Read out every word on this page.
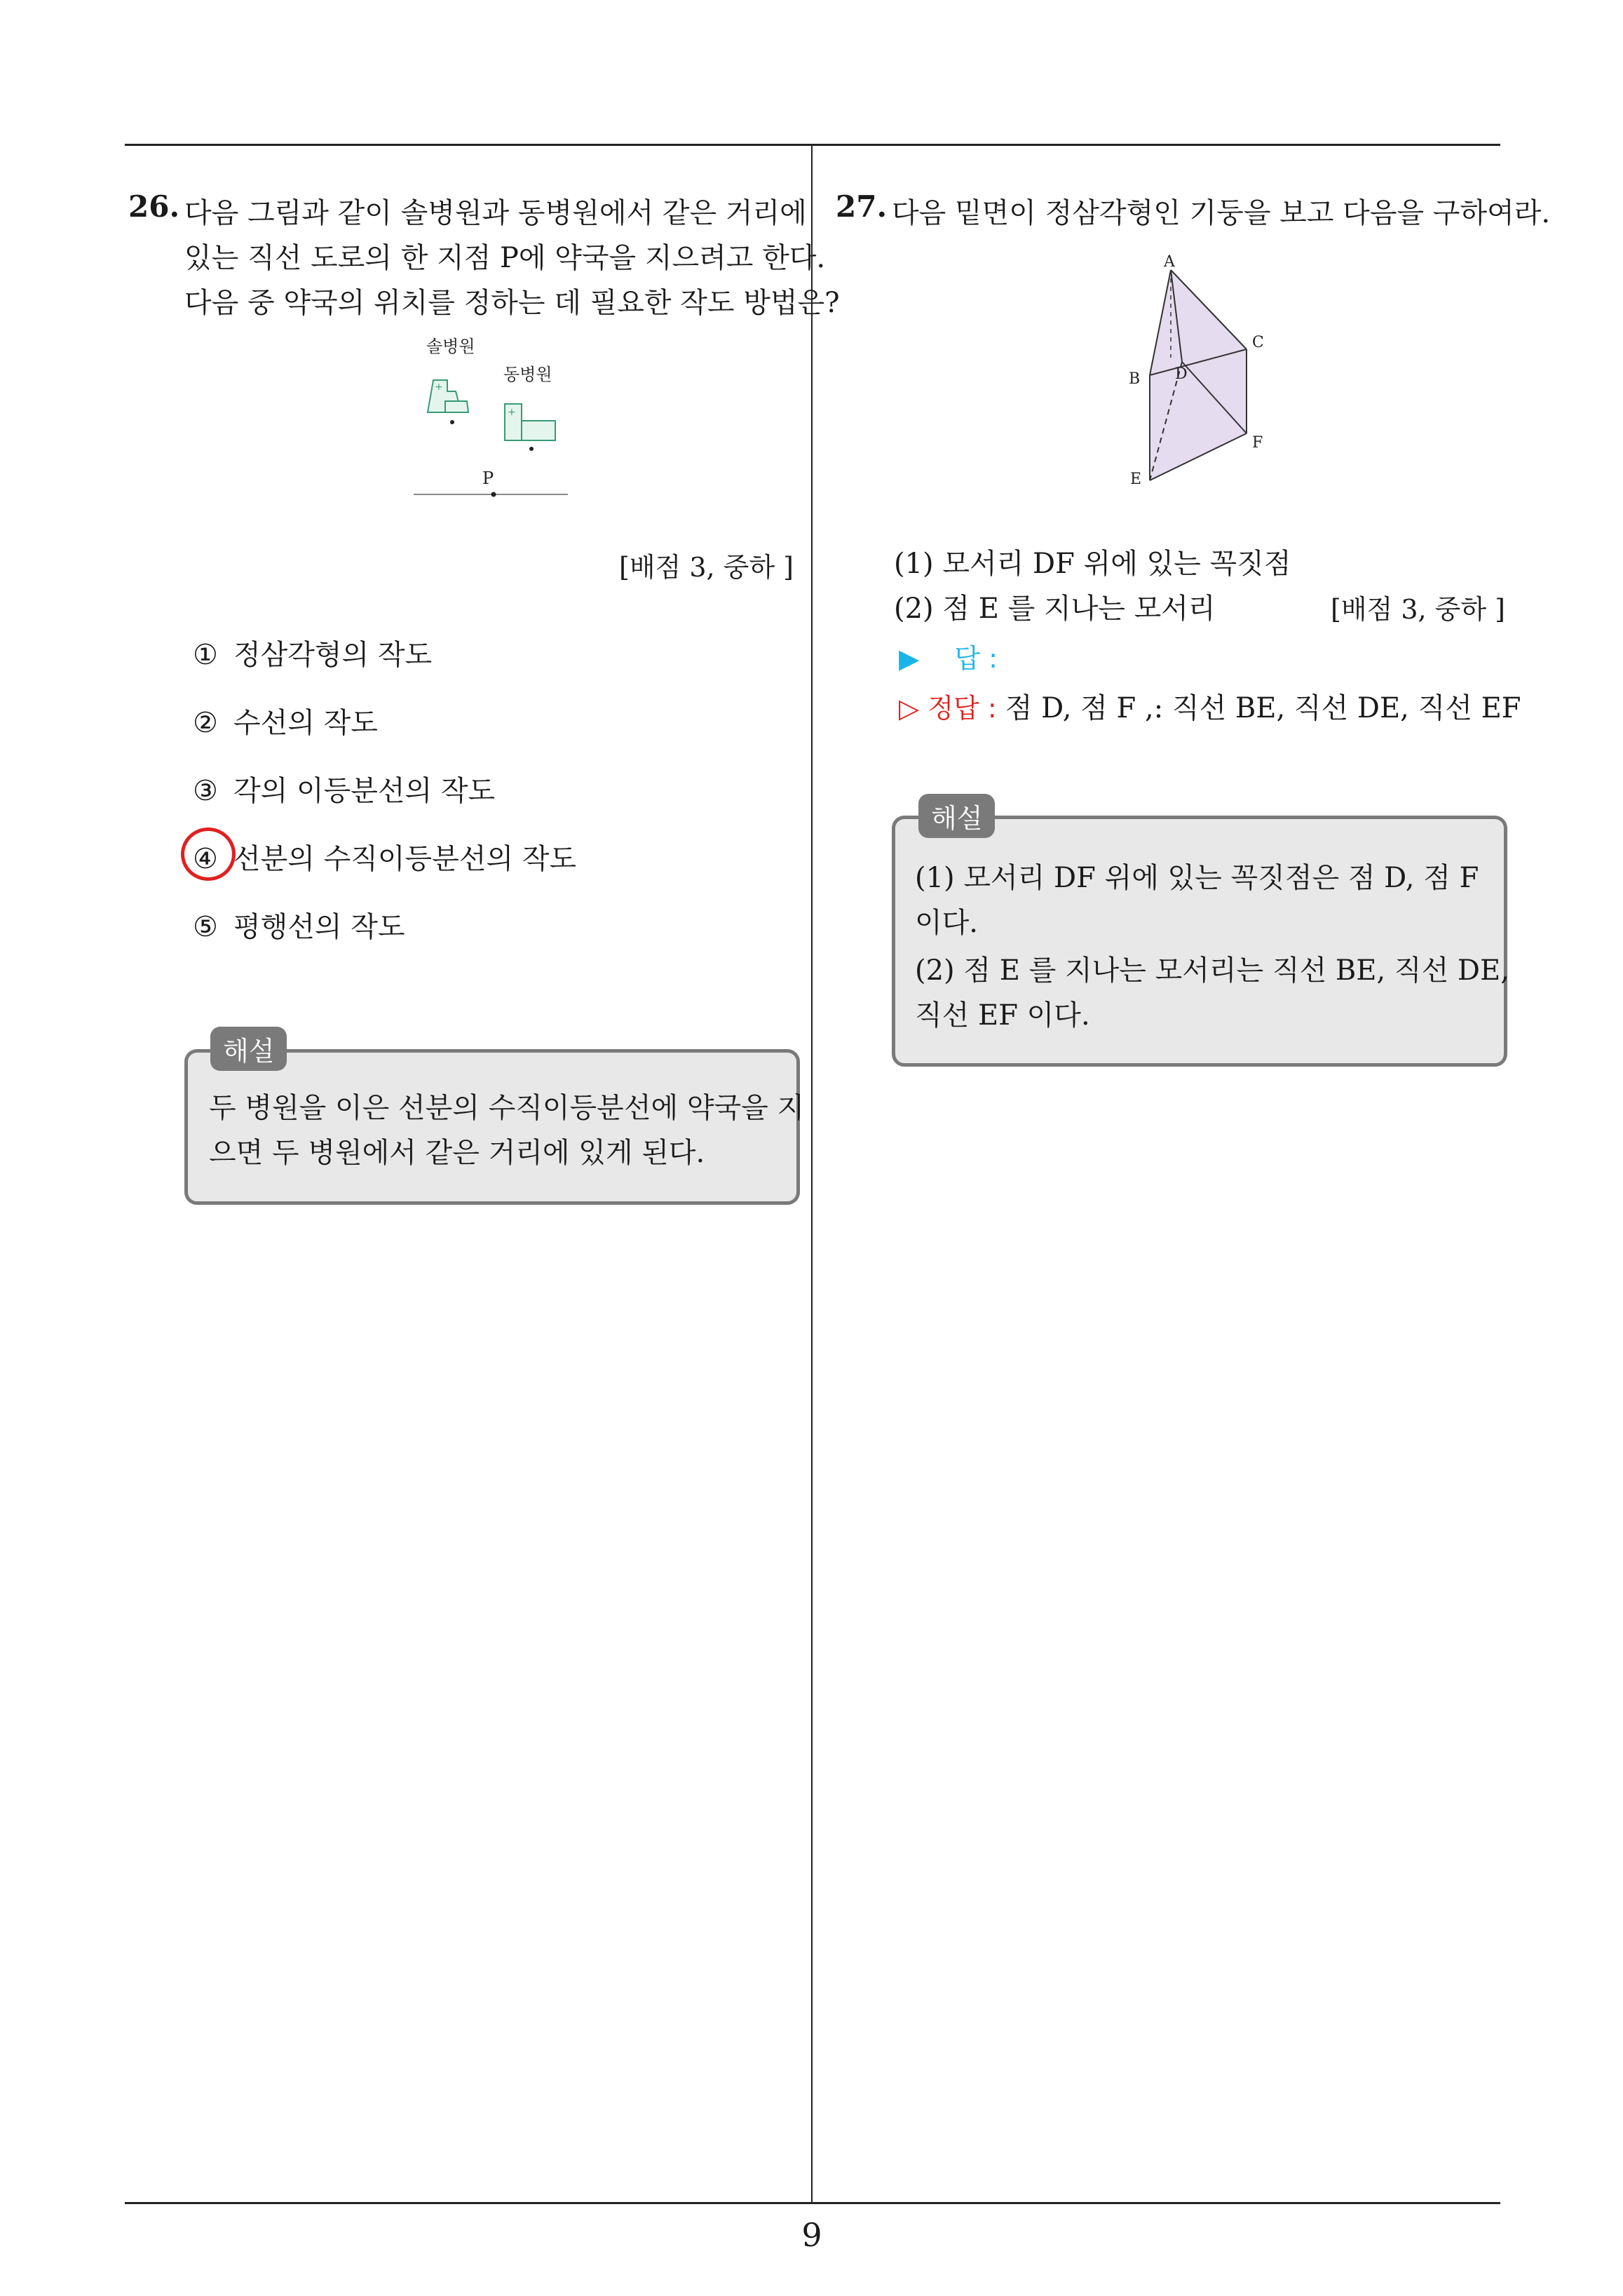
9
26. 다음 그림과 같이 솔병원과 동병원에서 같은 거리에
있는 직선 도로의 한 지점 P에 약국을 지으려고 한다.
다음 중 약국의 위치를 정하는 데 필요한 작도 방법은?
솔병원
동병원
+
+
P
[배점 3, 중하 ]
① 정삼각형의 작도
② 수선의 작도
③ 각의 이등분선의 작도
④ 선분의 수직이등분선의 작도
⑤ 평행선의 작도
해설
두 병원을 이은 선분의 수직이등분선에 약국을 지
으면 두 병원에서 같은 거리에 있게 된다.
27. 다음 밑면이 정삼각형인 기둥을 보고 다음을 구하여라.
A
B
C
D
E
F
(1) 모서리 DF 위에 있는 꼭짓점
(2) 점 E 를 지나는 모서리	[배점 3, 중하 ]
▶ 답 :
▷ 정답 : 점 D, 점 F ,: 직선 BE, 직선 DE, 직선 EF
해설
(1) 모서리 DF 위에 있는 꼭짓점은 점 D, 점 F
이다.
(2) 점 E 를 지나는 모서리는 직선 BE, 직선 DE,
직선 EF 이다.
